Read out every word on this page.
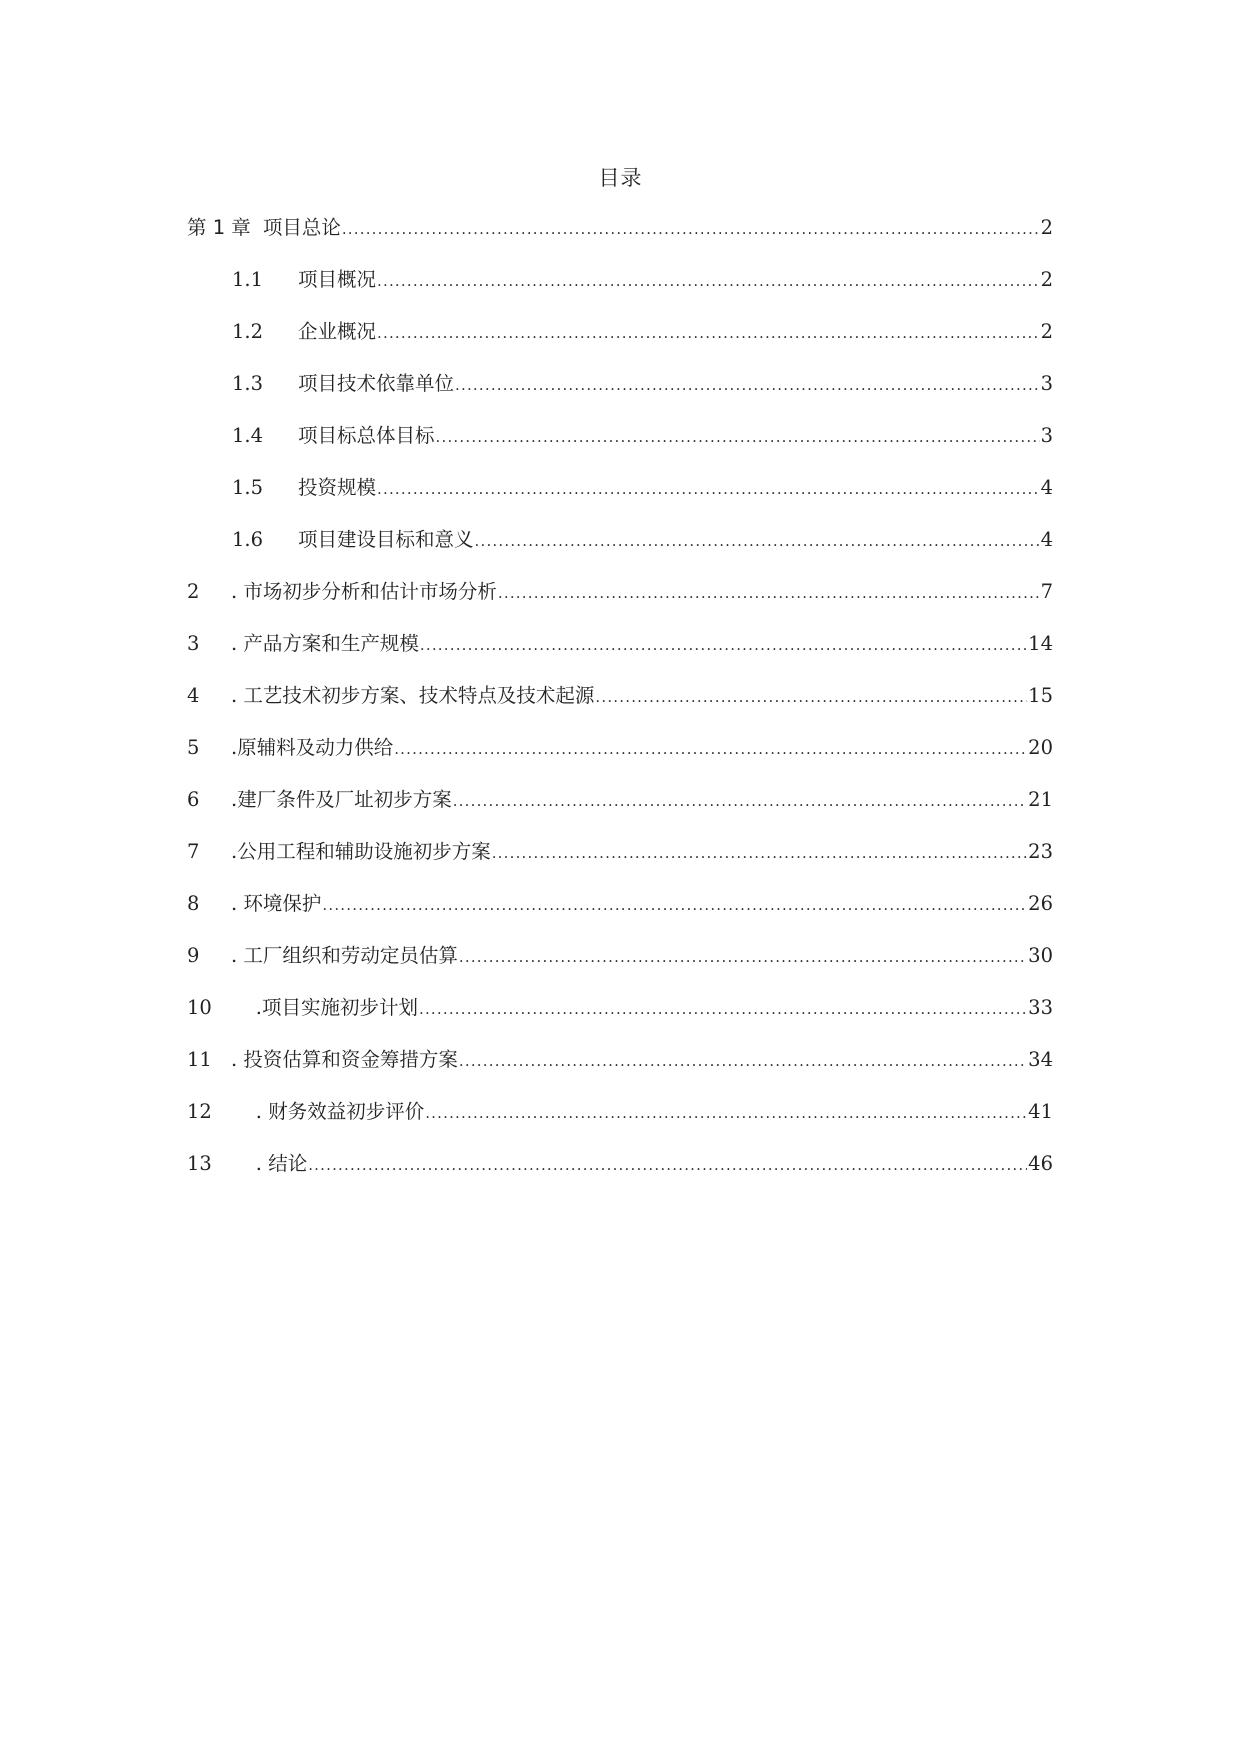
目录
第 1 章 项目总论 .....	2
1.1	项目概况 .....	2
1.2	企业概况 .....	2
1.3	项目技术依靠单位 .....	3
1.4	项目标总体目标 .....	3
1.5	投资规模 .....	4
1.6	项目建设目标和意义 .....	4
2	. 市场初步分析和估计市场分析 .....	7
3	. 产品方案和生产规模 .....	14
4	. 工艺技术初步方案、技术特点及技术起源 .....	15
5	.原辅料及动力供给 .....	20
6	.建厂条件及厂址初步方案 .....	21
7	.公用工程和辅助设施初步方案 .....	23
8	. 环境保护 .....	26
9	. 工厂组织和劳动定员估算 .....	30
10 .项目实施初步计划 .....	33
11 . 投资估算和资金筹措方案 .....	34
12 . 财务效益初步评价 .....	41
13 . 结论 .....	46
